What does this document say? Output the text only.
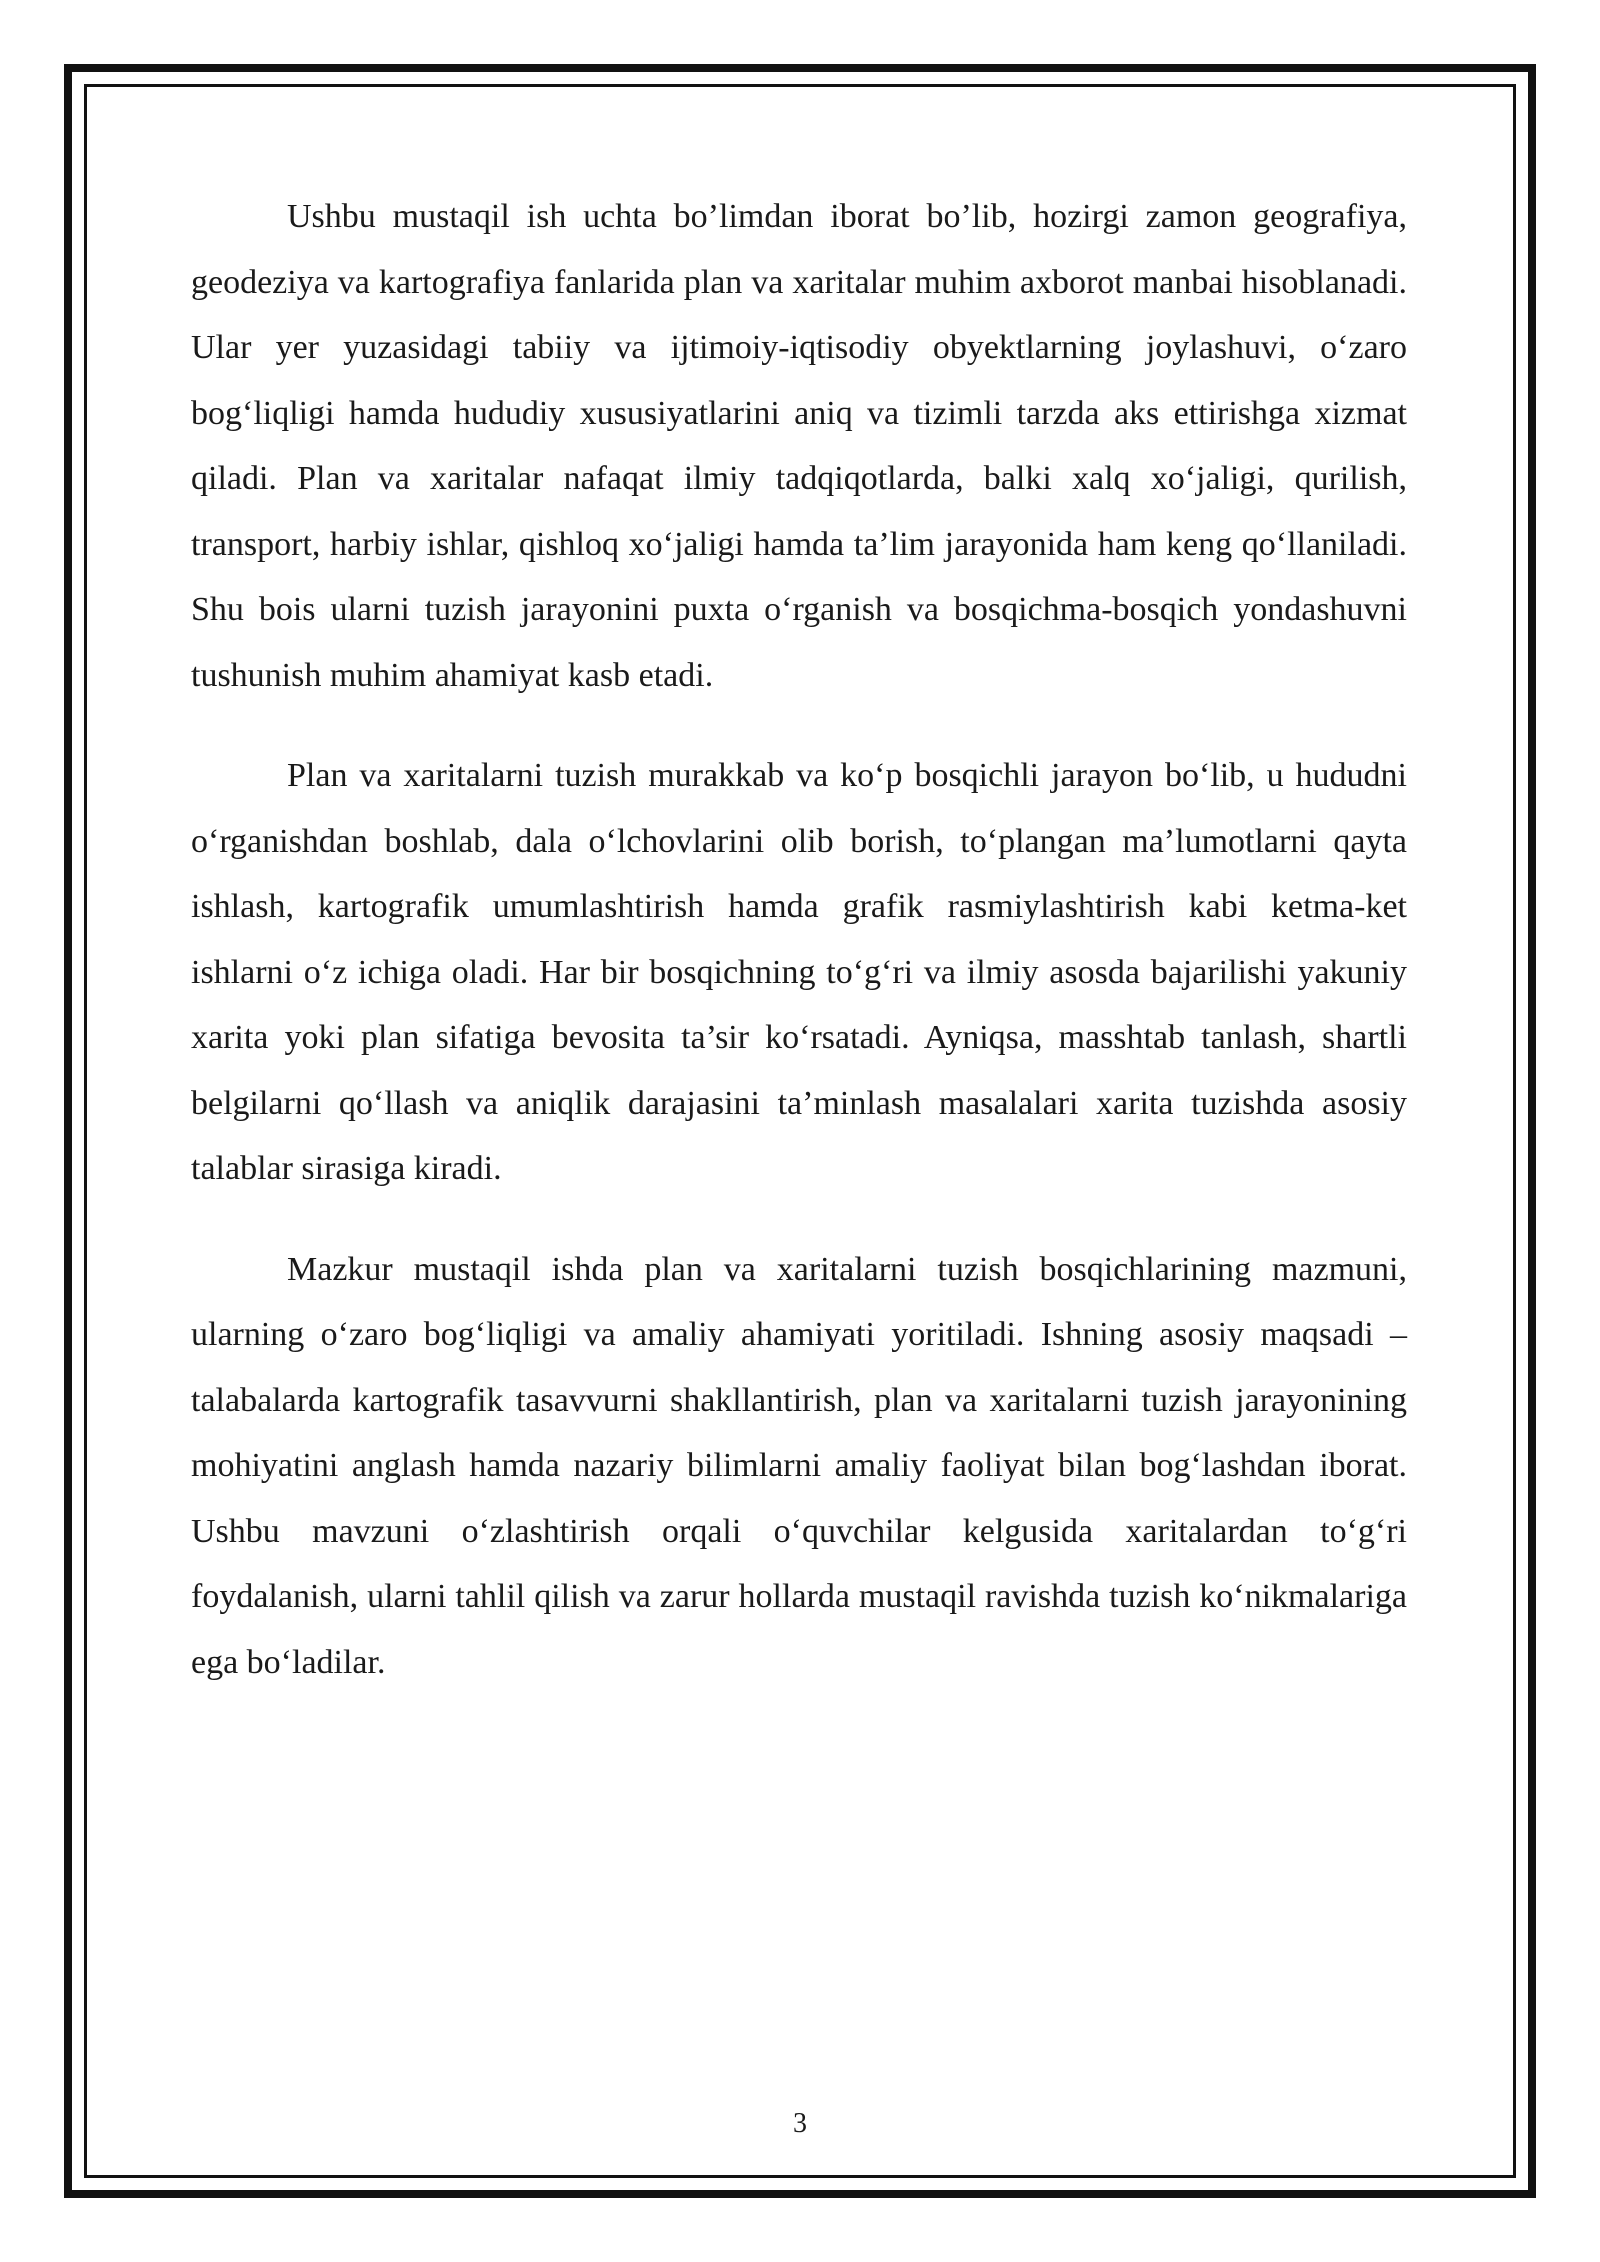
Ushbu mustaqil ish uchta bo’limdan iborat bo’lib, hozirgi zamon geografiya, geodeziya va kartografiya fanlarida plan va xaritalar muhim axborot manbai hisoblanadi. Ular yer yuzasidagi tabiiy va ijtimoiy-iqtisodiy obyektlarning joylashuvi, o‘zaro bog‘liqligi hamda hududiy xususiyatlarini aniq va tizimli tarzda aks ettirishga xizmat qiladi. Plan va xaritalar nafaqat ilmiy tadqiqotlarda, balki xalq xo‘jaligi, qurilish, transport, harbiy ishlar, qishloq xo‘jaligi hamda ta’lim jarayonida ham keng qo‘llaniladi. Shu bois ularni tuzish jarayonini puxta o‘rganish va bosqichma-bosqich yondashuvni tushunish muhim ahamiyat kasb etadi.

Plan va xaritalarni tuzish murakkab va ko‘p bosqichli jarayon bo‘lib, u hududni o‘rganishdan boshlab, dala o‘lchovlarini olib borish, to‘plangan ma’lumotlarni qayta ishlash, kartografik umumlashtirish hamda grafik rasmiylashtirish kabi ketma-ket ishlarni o‘z ichiga oladi. Har bir bosqichning to‘g‘ri va ilmiy asosda bajarilishi yakuniy xarita yoki plan sifatiga bevosita ta’sir ko‘rsatadi. Ayniqsa, masshtab tanlash, shartli belgilarni qo‘llash va aniqlik darajasini ta’minlash masalalari xarita tuzishda asosiy talablar sirasiga kiradi.

Mazkur mustaqil ishda plan va xaritalarni tuzish bosqichlarining mazmuni, ularning o‘zaro bog‘liqligi va amaliy ahamiyati yoritiladi. Ishning asosiy maqsadi – talabalarda kartografik tasavvurni shakllantirish, plan va xaritalarni tuzish jarayonining mohiyatini anglash hamda nazariy bilimlarni amaliy faoliyat bilan bog‘lashdan iborat. Ushbu mavzuni o‘zlashtirish orqali o‘quvchilar kelgusida xaritalardan to‘g‘ri foydalanish, ularni tahlil qilish va zarur hollarda mustaqil ravishda tuzish ko‘nikmalariga ega bo‘ladilar.

3
